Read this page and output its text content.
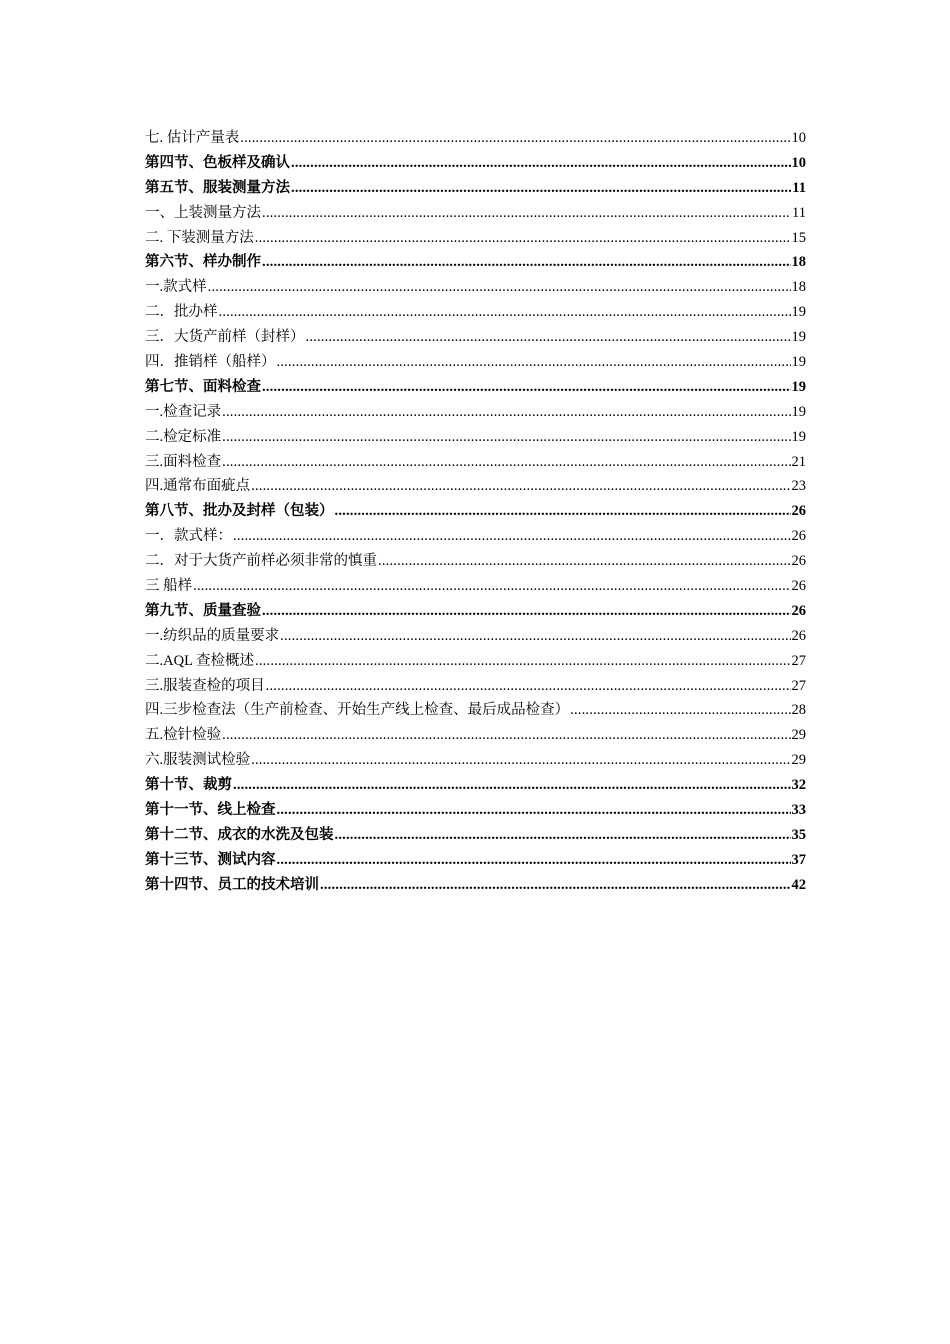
七. 估计产量表 .....	10
第四节、色板样及确认 .....	10
第五节、服装测量方法 .....	11
一、上装测量方法 .....	11
二. 下装测量方法 .....	15
第六节、样办制作 .....	18
一.款式样 .....	18
二．批办样 .....	19
三．大货产前样（封样） .....	19
四．推销样（船样） .....	19
第七节、面料检查 .....	19
一.检查记录 .....	19
二.检定标准 .....	19
三.面料检查 .....	21
四.通常布面疵点 .....	23
第八节、批办及封样（包装） .....	26
一．款式样： .....	26
二．对于大货产前样必须非常的慎重 .....	26
三 船样 .....	26
第九节、质量查验 .....	26
一.纺织品的质量要求 .....	26
二.AQL 查检概述 .....	27
三.服装查检的项目 .....	27
四.三步检查法（生产前检查、开始生产线上检查、最后成品检查） .....	28
五.检针检验 .....	29
六.服装测试检验 .....	29
第十节、裁剪 .....	32
第十一节、线上检查 .....	33
第十二节、成衣的水洗及包装 .....	35
第十三节、测试内容 .....	37
第十四节、员工的技术培训 .....	42
